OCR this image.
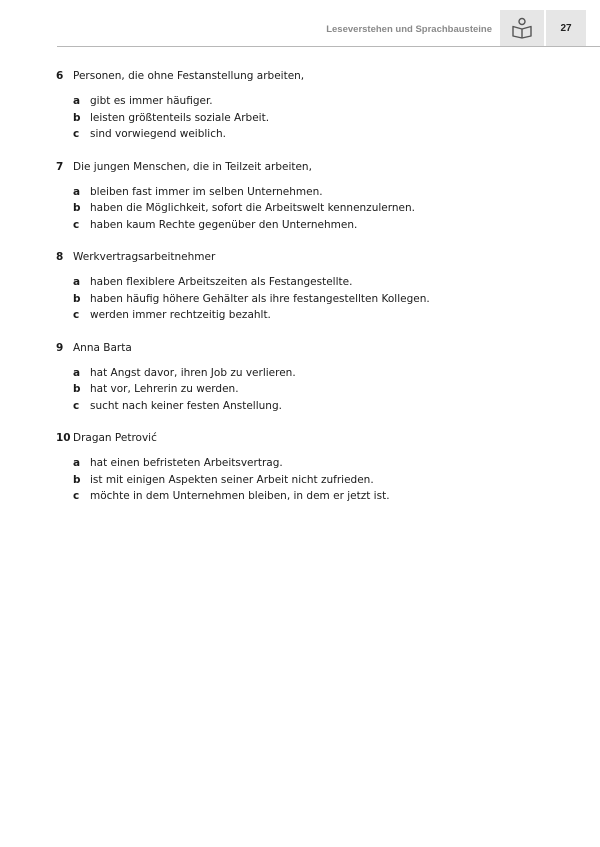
Leseverstehen und Sprachbausteine	27
6 Personen, die ohne Festanstellung arbeiten,
a gibt es immer häufiger.
b leisten größtenteils soziale Arbeit.
c	sind vorwiegend weiblich.
7 Die jungen Menschen, die in Teilzeit arbeiten,
a bleiben fast immer im selben Unternehmen.
b haben die Möglichkeit, sofort die Arbeitswelt kennenzulernen.
c	haben kaum Rechte gegenüber den Unternehmen.
8 Werkvertragsarbeitnehmer
a haben flexiblere Arbeitszeiten als Festangestellte.
b haben häufig höhere Gehälter als ihre festangestellten Kollegen.
c	werden immer rechtzeitig bezahlt.
9 Anna Barta
a hat Angst davor, ihren Job zu verlieren.
b hat vor, Lehrerin zu werden.
c	sucht nach keiner festen Anstellung.
10 Dragan Petrović
a hat einen befristeten Arbeitsvertrag.
b ist mit einigen Aspekten seiner Arbeit nicht zufrieden.
c	möchte in dem Unternehmen bleiben, in dem er jetzt ist.
